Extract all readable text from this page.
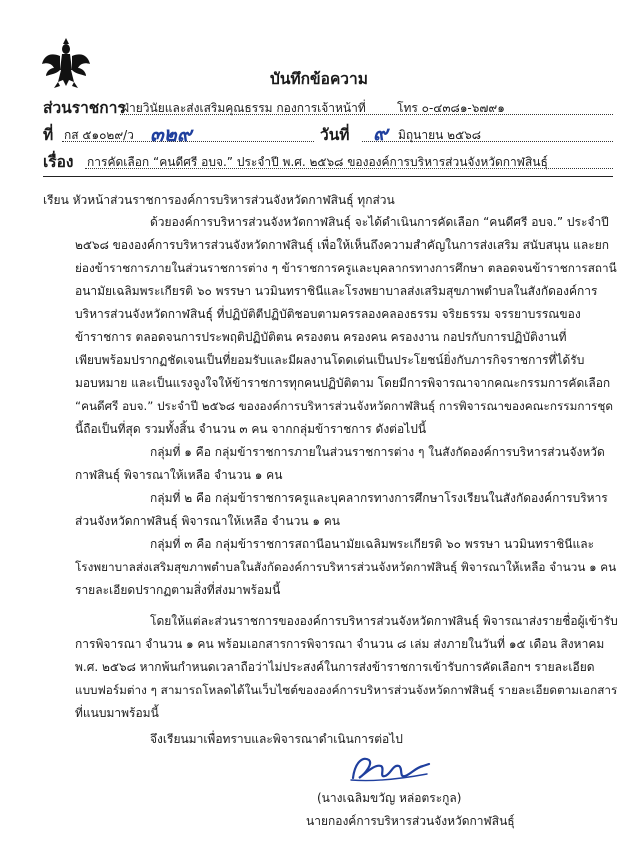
บันทึกข้อความ
ส่วนราชการ
ฝ่ายวินัยและส่งเสริมคุณธรรม กองการเจ้าหน้าที่	โทร ๐-๔๓๘๑-๖๗๙๑
ที่ กส ๕๑๐๒๙/ว ๓๒๙	วันที่ ๙ มิถุนายน ๒๕๖๘
เรื่อง การคัดเลือก “คนดีศรี อบจ.” ประจำปี พ.ศ. ๒๕๖๘ ขององค์การบริหารส่วนจังหวัดกาฬสินธุ์
เรียน หัวหน้าส่วนราชการองค์การบริหารส่วนจังหวัดกาฬสินธุ์ ทุกส่วน
ด้วยองค์การบริหารส่วนจังหวัดกาฬสินธุ์ จะได้ดำเนินการคัดเลือก “คนดีศรี อบจ.” ประจำปี
๒๕๖๘ ขององค์การบริหารส่วนจังหวัดกาฬสินธุ์ เพื่อให้เห็นถึงความสำคัญในการส่งเสริม สนับสนุน และยก
ย่องข้าราชการภายในส่วนราชการต่าง ๆ ข้าราชการครูและบุคลากรทางการศึกษา ตลอดจนข้าราชการสถานี
อนามัยเฉลิมพระเกียรติ ๖๐ พรรษา นวมินทราชินีและโรงพยาบาลส่งเสริมสุขภาพตำบลในสังกัดองค์การ
บริหารส่วนจังหวัดกาฬสินธุ์ ที่ปฏิบัติตีปฏิบัติชอบตามครรลองคลองธรรม จริยธรรม จรรยาบรรณของ
ข้าราชการ ตลอดจนการประพฤติปฏิบัติตน ครองตน ครองคน ครองงาน กอปรกับการปฏิบัติงานที่
เพียบพร้อมปรากฏชัดเจนเป็นที่ยอมรับและมีผลงานโดดเด่นเป็นประโยชน์ยิ่งกับภารกิจราชการที่ได้รับ
มอบหมาย และเป็นแรงจูงใจให้ข้าราชการทุกคนปฏิบัติตาม โดยมีการพิจารณาจากคณะกรรมการคัดเลือก
“คนดีศรี อบจ.” ประจำปี ๒๕๖๘ ขององค์การบริหารส่วนจังหวัดกาฬสินธุ์ การพิจารณาของคณะกรรมการชุด
นี้ถือเป็นที่สุด รวมทั้งสิ้น จำนวน ๓ คน จากกลุ่มข้าราชการ ดังต่อไปนี้
กลุ่มที่ ๑ คือ กลุ่มข้าราชการภายในส่วนราชการต่าง ๆ ในสังกัดองค์การบริหารส่วนจังหวัด
กาฬสินธุ์ พิจารณาให้เหลือ จำนวน ๑ คน
กลุ่มที่ ๒ คือ กลุ่มข้าราชการครูและบุคลากรทางการศึกษาโรงเรียนในสังกัดองค์การบริหาร
ส่วนจังหวัดกาฬสินธุ์ พิจารณาให้เหลือ จำนวน ๑ คน
กลุ่มที่ ๓ คือ กลุ่มข้าราชการสถานีอนามัยเฉลิมพระเกียรติ ๖๐ พรรษา นวมินทราชินีและ
โรงพยาบาลส่งเสริมสุขภาพตำบลในสังกัดองค์การบริหารส่วนจังหวัดกาฬสินธุ์ พิจารณาให้เหลือ จำนวน ๑ คน
รายละเอียดปรากฏตามสิ่งที่ส่งมาพร้อมนี้
โดยให้แต่ละส่วนราชการขององค์การบริหารส่วนจังหวัดกาฬสินธุ์ พิจารณาส่งรายชื่อผู้เข้ารับ
การพิจารณา จำนวน ๑ คน พร้อมเอกสารการพิจารณา จำนวน ๘ เล่ม ส่งภายในวันที่ ๑๕ เดือน สิงหาคม
พ.ศ. ๒๕๖๘ หากพ้นกำหนดเวลาถือว่าไม่ประสงค์ในการส่งข้าราชการเข้ารับการคัดเลือกฯ รายละเอียด
แบบฟอร์มต่าง ๆ สามารถโหลดได้ในเว็บไซต์ขององค์การบริหารส่วนจังหวัดกาฬสินธุ์ รายละเอียดตามเอกสาร
ที่แนบมาพร้อมนี้
จึงเรียนมาเพื่อทราบและพิจารณาดำเนินการต่อไป
(นางเฉลิมขวัญ หล่อตระกูล)
นายกองค์การบริหารส่วนจังหวัดกาฬสินธุ์
